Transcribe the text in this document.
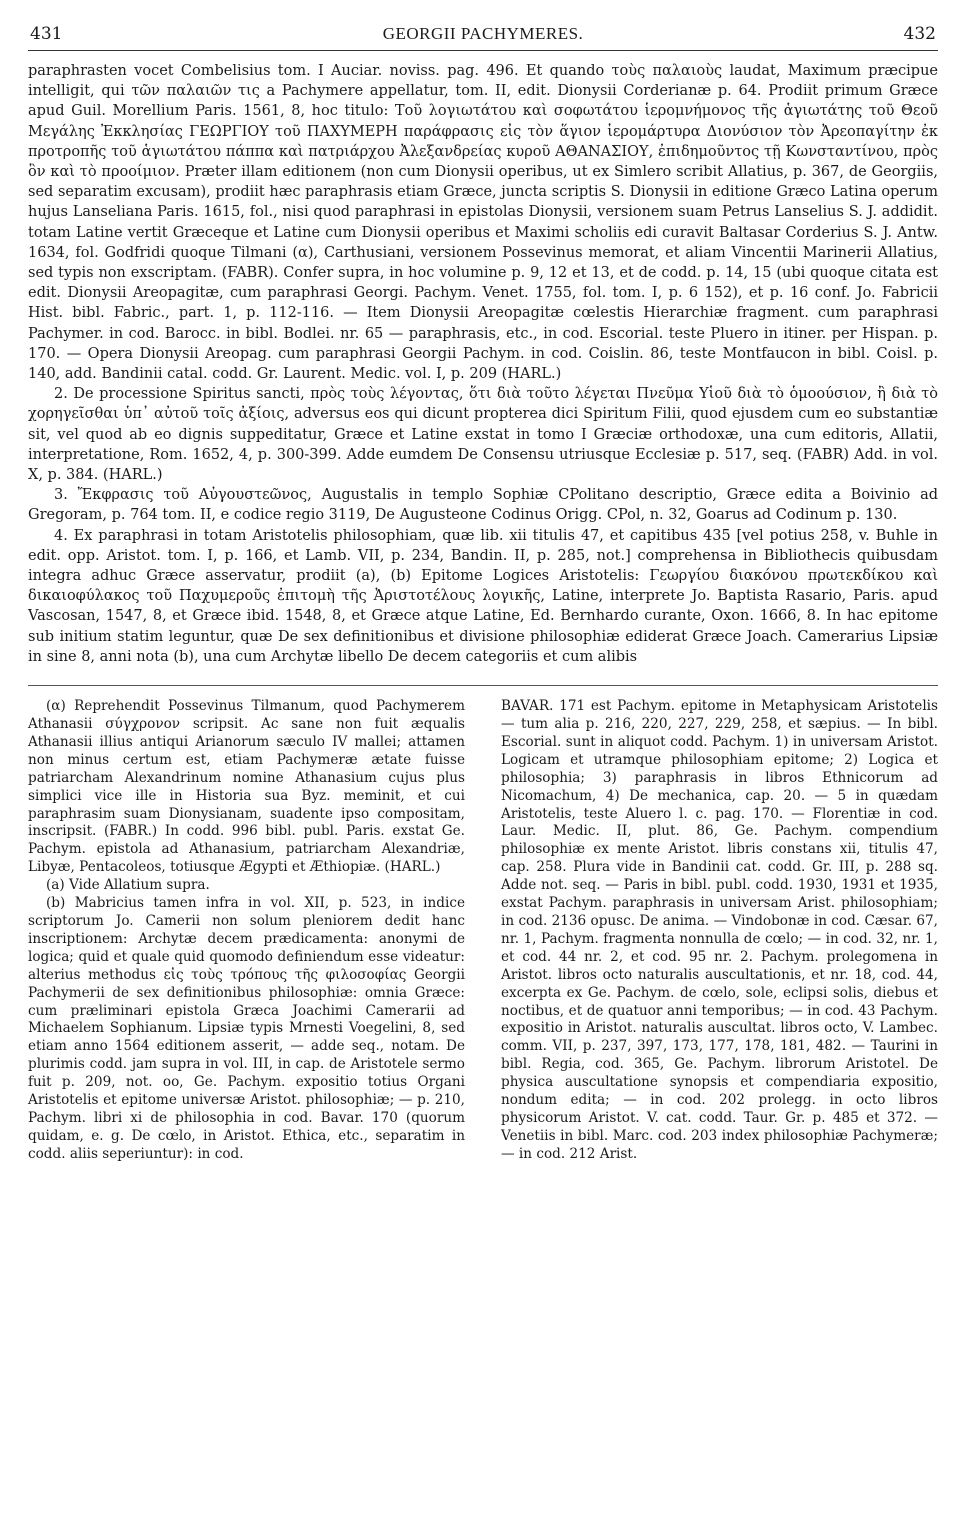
431	GEORGII PACHYMERES.	432

paraphrasten vocet Combelisius tom. I Auciar. noviss. pag. 496. Et quando τοὺς παλαιοὺς laudat, Maximum præcipue intelligit, qui τῶν παλαιῶν τις a Pachymere appellatur, tom. II, edit. Dionysii Corderianæ p. 64. Prodiit primum Græce apud Guil. Morellium Paris. 1561, 8, hoc titulo: Τοῦ λογιωτάτου καὶ σοφωτάτου ἱερομνήμονος τῆς ἁγιωτάτης τοῦ Θεοῦ Μεγάλης Ἐκκλησίας ΓΕΩΡΓΙΟΥ τοῦ ΠΑΧΥΜΕΡΗ παράφρασις εἰς τὸν ἅγιον ἱερομάρτυρα Διονύσιον τὸν Ἀρεοπαγίτην ἐκ προτροπῆς τοῦ ἁγιωτάτου πάππα καὶ πατριάρχου Ἀλεξανδρείας κυροῦ ΑΘΑΝΑΣΙΟΥ, ἐπιδημοῦντος τῇ Κωνσταντίνου, πρὸς ὃν καὶ τὸ προοίμιον. Præter illam editionem (non cum Dionysii operibus, ut ex Simlero scribit Allatius, p. 367, de Georgiis, sed separatim excusam), prodiit hæc paraphrasis etiam Græce, juncta scriptis S. Dionysii in editione Græco Latina operum hujus Lanseliana Paris. 1615, fol., nisi quod paraphrasi in epistolas Dionysii, versionem suam Petrus Lanselius S. J. addidit. totam Latine vertit Græceque et Latine cum Dionysii operibus et Maximi scholiis edi curavit Baltasar Corderius S. J. Antw. 1634, fol. Godfridi quoque Tilmani (α), Carthusiani, versionem Possevinus memorat, et aliam Vincentii Marinerii Allatius, sed typis non exscriptam. (FABR). Confer supra, in hoc volumine p. 9, 12 et 13, et de codd. p. 14, 15 (ubi quoque citata est edit. Dionysii Areopagitæ, cum paraphrasi Georgi. Pachym. Venet. 1755, fol. tom. I, p. 6 152), et p. 16 conf. Jo. Fabricii Hist. bibl. Fabric., part. 1, p. 112-116. — Item Dionysii Areopagitæ cœlestis Hierarchiæ fragment. cum paraphrasi Pachymer. in cod. Barocc. in bibl. Bodlei. nr. 65 — paraphrasis, etc., in cod. Escorial. teste Pluero in itiner. per Hispan. p. 170. — Opera Dionysii Areopag. cum paraphrasi Georgii Pachym. in cod. Coislin. 86, teste Montfaucon in bibl. Coisl. p. 140, add. Bandinii catal. codd. Gr. Laurent. Medic. vol. I, p. 209 (HARL.)

2. De processione Spiritus sancti, πρὸς τοὺς λέγοντας, ὅτι διὰ τοῦτο λέγεται Πνεῦμα Υἱοῦ διὰ τὸ ὁμοούσιον, ἢ διὰ τὸ χορηγεῖσθαι ὑπ᾽ αὐτοῦ τοῖς ἀξίοις, adversus eos qui dicunt propterea dici Spiritum Filii, quod ejusdem cum eo substantiæ sit, vel quod ab eo dignis suppeditatur, Græce et Latine exstat in tomo I Græciæ orthodoxæ, una cum editoris, Allatii, interpretatione, Rom. 1652, 4, p. 300-399. Adde eumdem De Consensu utriusque Ecclesiæ p. 517, seq. (FABR) Add. in vol. X, p. 384. (HARL.)

3. Ἔκφρασις τοῦ Αὐγουστεῶνος, Augustalis in templo Sophiæ CPolitano descriptio, Græce edita a Boivinio ad Gregoram, p. 764 tom. II, e codice regio 3119, De Augusteone Codinus Origg. CPol, n. 32, Goarus ad Codinum p. 130.

4. Ex paraphrasi in totam Aristotelis philosophiam, quæ lib. xii titulis 47, et capitibus 435 [vel potius 258, v. Buhle in edit. opp. Aristot. tom. I, p. 166, et Lamb. VII, p. 234, Bandin. II, p. 285, not.] comprehensa in Bibliothecis quibusdam integra adhuc Græce asservatur, prodiit (a), (b) Epitome Logices Aristotelis: Γεωργίου διακόνου πρωτεκδίκου καὶ δικαιοφύλακος τοῦ Παχυμεροῦς ἐπιτομὴ τῆς Ἀριστοτέλους λογικῆς, Latine, interprete Jo. Baptista Rasario, Paris. apud Vascosan, 1547, 8, et Græce ibid. 1548, 8, et Græce atque Latine, Ed. Bernhardo curante, Oxon. 1666, 8. In hac epitome sub initium statim leguntur, quæ De sex definitionibus et divisione philosophiæ ediderat Græce Joach. Camerarius Lipsiæ in sine 8, anni nota (b), una cum Archytæ libello De decem categoriis et cum alibis

(α) Reprehendit Possevinus Tilmanum, quod Pachymerem Athanasii σύγχρονον scripsit. Ac sane non fuit æqualis Athanasii illius antiqui Arianorum sæculo IV mallei; attamen non minus certum est, etiam Pachymeræ ætate fuisse patriarcham Alexandrinum nomine Athanasium cujus plus simplici vice ille in Historia sua Byz. meminit, et cui paraphrasim suam Dionysianam, suadente ipso compositam, inscripsit. (FABR.) In codd. 996 bibl. publ. Paris. exstat Ge. Pachym. epistola ad Athanasium, patriarcham Alexandriæ, Libyæ, Pentacoleos, totiusque Ægypti et Æthiopiæ. (HARL.)

(a) Vide Allatium supra.

(b) Mabricius tamen infra in vol. XII, p. 523, in indice scriptorum Jo. Camerii non solum pleniorem dedit hanc inscriptionem: Archytæ decem prædicamenta: anonymi de logica; quid et quale quid quomodo definiendum esse videatur: alterius methodus εἰς τοὺς τρόπους τῆς φιλοσοφίας Georgii Pachymerii de sex definitionibus philosophiæ: omnia Græce: cum præliminari epistola Græca Joachimi Camerarii ad Michaelem Sophianum. Lipsiæ typis Mrnesti Voegelini, 8, sed etiam anno 1564 editionem asserit, — adde seq., notam. De plurimis codd. jam supra in vol. III, in cap. de Aristotele sermo fuit p. 209, not. oo, Ge. Pachym. expositio totius Organi Aristotelis et epitome universæ Aristot. philosophiæ; — p. 210, Pachym. libri xi de philosophia in cod. Bavar. 170 (quorum quidam, e. g. De cœlo, in Aristot. Ethica, etc., separatim in codd. aliis seperiuntur): in cod.

BAVAR. 171 est Pachym. epitome in Metaphysicam Aristotelis — tum alia p. 216, 220, 227, 229, 258, et sæpius. — In bibl. Escorial. sunt in aliquot codd. Pachym. 1) in universam Aristot. Logicam et utramque philosophiam epitome; 2) Logica et philosophia; 3) paraphrasis in libros Ethnicorum ad Nicomachum, 4) De mechanica, cap. 20. — 5 in quædam Aristotelis, teste Aluero l. c. pag. 170. — Florentiæ in cod. Laur. Medic. II, plut. 86, Ge. Pachym. compendium philosophiæ ex mente Aristot. libris constans xii, titulis 47, cap. 258. Plura vide in Bandinii cat. codd. Gr. III, p. 288 sq. Adde not. seq. — Paris in bibl. publ. codd. 1930, 1931 et 1935, exstat Pachym. paraphrasis in universam Arist. philosophiam; in cod. 2136 opusc. De anima. — Vindobonæ in cod. Cæsar. 67, nr. 1, Pachym. fragmenta nonnulla de cœlo; — in cod. 32, nr. 1, et cod. 44 nr. 2, et cod. 95 nr. 2. Pachym. prolegomena in Aristot. libros octo naturalis auscultationis, et nr. 18, cod. 44, excerpta ex Ge. Pachym. de cœlo, sole, eclipsi solis, diebus et noctibus, et de quatuor anni temporibus; — in cod. 43 Pachym. expositio in Aristot. naturalis auscultat. libros octo, V. Lambec. comm. VII, p. 237, 397, 173, 177, 178, 181, 482. — Taurini in bibl. Regia, cod. 365, Ge. Pachym. librorum Aristotel. De physica auscultatione synopsis et compendiaria expositio, nondum edita; — in cod. 202 prolegg. in octo libros physicorum Aristot. V. cat. codd. Taur. Gr. p. 485 et 372. — Venetiis in bibl. Marc. cod. 203 index philosophiæ Pachymeræ; — in cod. 212 Arist.
